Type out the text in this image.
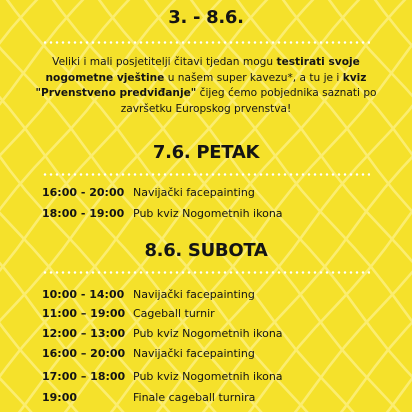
3. - 8.6.

Veliki i mali posjetitelji čitavi tjedan mogu testirati svoje nogometne vještine u našem super kavezu*, a tu je i kviz "Prvenstveno predviđanje" čijeg ćemo pobjednika saznati po završetku Europskog prvenstva!

7.6. PETAK
16:00 - 20:00 Navijački facepainting
18:00 - 19:00 Pub kviz Nogometnih ikona
8.6. SUBOTA
10:00 - 14:00 Navijački facepainting
11:00 – 19:00 Cageball turnir
12:00 – 13:00 Pub kviz Nogometnih ikona
16:00 – 20:00 Navijački facepainting
17:00 – 18:00 Pub kviz Nogometnih ikona
19:00	Finale cageball turnira
